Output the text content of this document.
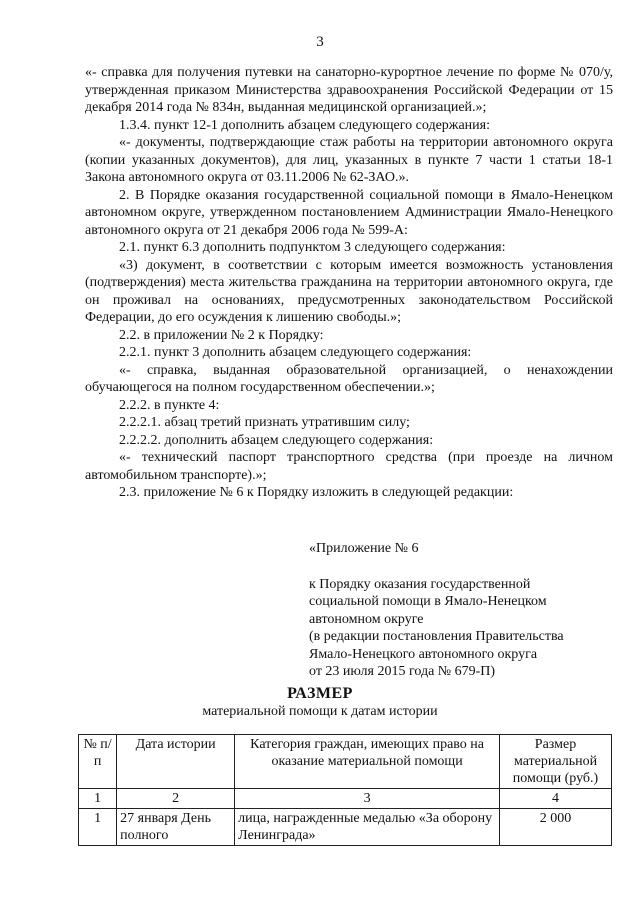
3

«- справка для получения путевки на санаторно-курортное лечение по форме № 070/у, утвержденная приказом Министерства здравоохранения Российской Федерации от 15 декабря 2014 года № 834н, выданная медицинской организацией.»;

1.3.4. пункт 12-1 дополнить абзацем следующего содержания:

«- документы, подтверждающие стаж работы на территории автономного округа (копии указанных документов), для лиц, указанных в пункте 7 части 1 статьи 18-1 Закона автономного округа от 03.11.2006 № 62-ЗАО.».

2. В Порядке оказания государственной социальной помощи в Ямало-Ненецком автономном округе, утвержденном постановлением Администрации Ямало-Ненецкого автономного округа от 21 декабря 2006 года № 599-А:

2.1. пункт 6.3 дополнить подпунктом 3 следующего содержания:

«3) документ, в соответствии с которым имеется возможность установления (подтверждения) места жительства гражданина на территории автономного округа, где он проживал на основаниях, предусмотренных законодательством Российской Федерации, до его осуждения к лишению свободы.»;

2.2. в приложении № 2 к Порядку:

2.2.1. пункт 3 дополнить абзацем следующего содержания:

«- справка, выданная образовательной организацией, о ненахождении обучающегося на полном государственном обеспечении.»;

2.2.2. в пункте 4:

2.2.2.1. абзац третий признать утратившим силу;

2.2.2.2. дополнить абзацем следующего содержания:

«- технический паспорт транспортного средства (при проезде на личном автомобильном транспорте).»;

2.3. приложение № 6 к Порядку изложить в следующей редакции:

«Приложение № 6
к Порядку оказания государственной
социальной помощи в Ямало-Ненецком
автономном округе
(в редакции постановления Правительства
Ямало-Ненецкого автономного округа
от 23 июля 2015 года № 679-П)
РАЗМЕР
материальной помощи к датам истории
№ п/п	Дата истории	Категория граждан, имеющих право на оказание материальной помощи	Размер материальной помощи (руб.)
1	2	3	4
1	27 января День полного	лица, награжденные медалью «За оборону Ленинграда»	2 000
